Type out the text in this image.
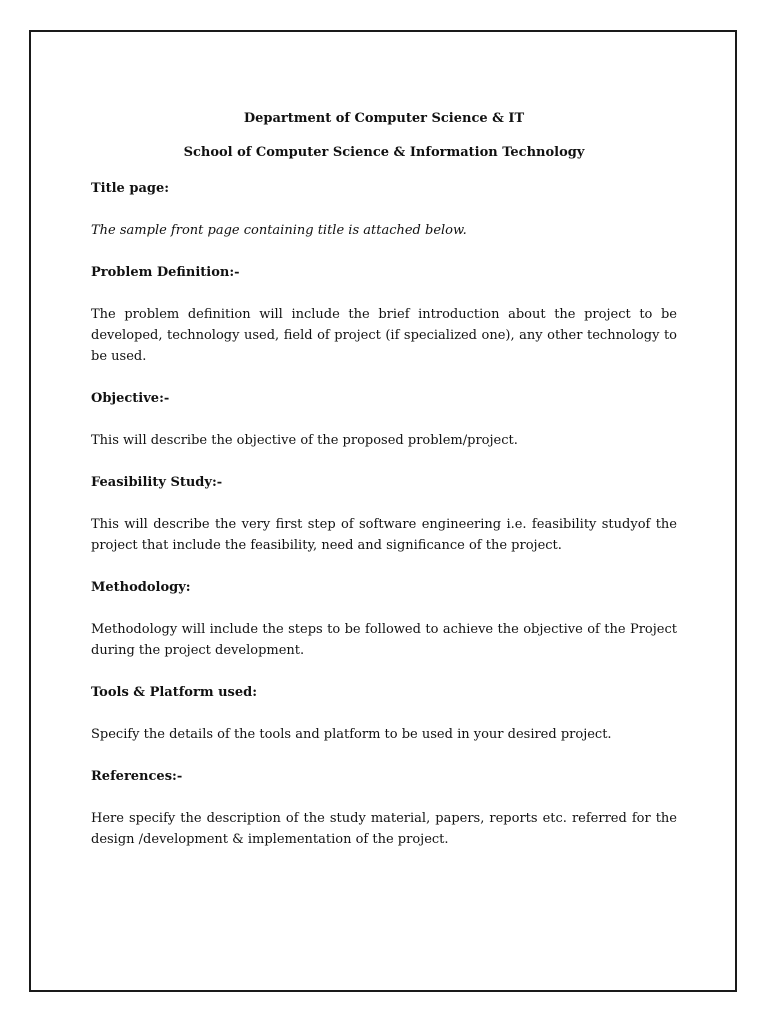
Department of Computer Science & IT

School of Computer Science & Information Technology

Title page:

The sample front page containing title is attached below.

Problem Definition:-

The problem definition will include the brief introduction about the project to be developed, technology used, field of project (if specialized one), any other technology to be used.

Objective:-

This will describe the objective of the proposed problem/project.

Feasibility Study:-

This will describe the very first step of software engineering i.e. feasibility studyof the project that include the feasibility, need and significance of the project.

Methodology:

Methodology will include the steps to be followed to achieve the objective of the Project during the project development.

Tools & Platform used:

Specify the details of the tools and platform to be used in your desired project.

References:-

Here specify the description of the study material, papers, reports etc. referred for the design /development & implementation of the project.
